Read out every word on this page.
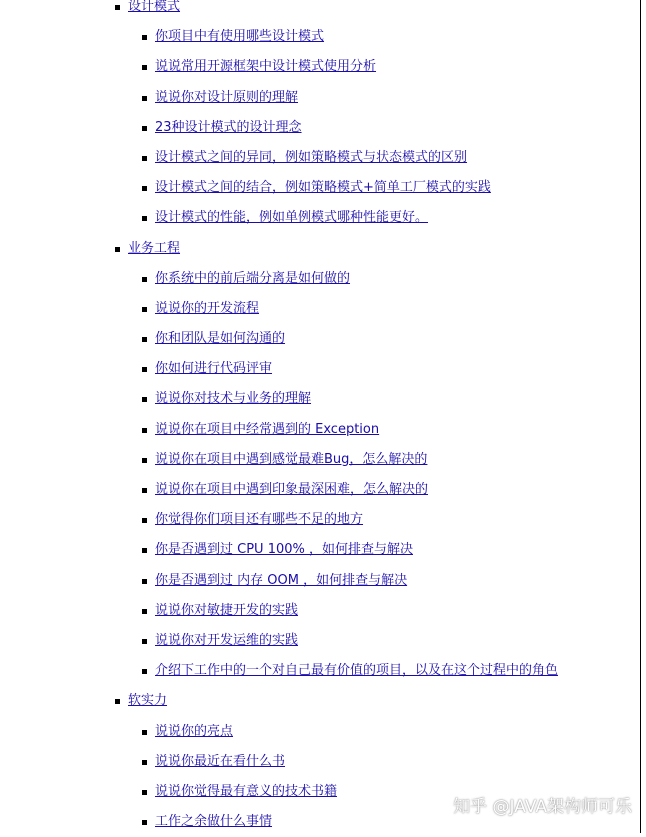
设计模式
你项目中有使用哪些设计模式
说说常用开源框架中设计模式使用分析
说说你对设计原则的理解
23种设计模式的设计理念
设计模式之间的异同，例如策略模式与状态模式的区别
设计模式之间的结合，例如策略模式+简单工厂模式的实践
设计模式的性能，例如单例模式哪种性能更好。
业务工程
你系统中的前后端分离是如何做的
说说你的开发流程
你和团队是如何沟通的
你如何进行代码评审
说说你对技术与业务的理解
说说你在项目中经常遇到的 Exception
说说你在项目中遇到感觉最难Bug，怎么解决的
说说你在项目中遇到印象最深困难，怎么解决的
你觉得你们项目还有哪些不足的地方
你是否遇到过 CPU 100% ，如何排查与解决
你是否遇到过 内存 OOM ，如何排查与解决
说说你对敏捷开发的实践
说说你对开发运维的实践
介绍下工作中的一个对自己最有价值的项目，以及在这个过程中的角色
软实力
说说你的亮点
说说你最近在看什么书
说说你觉得最有意义的技术书籍
工作之余做什么事情
知乎 @JAVA架构师可乐
